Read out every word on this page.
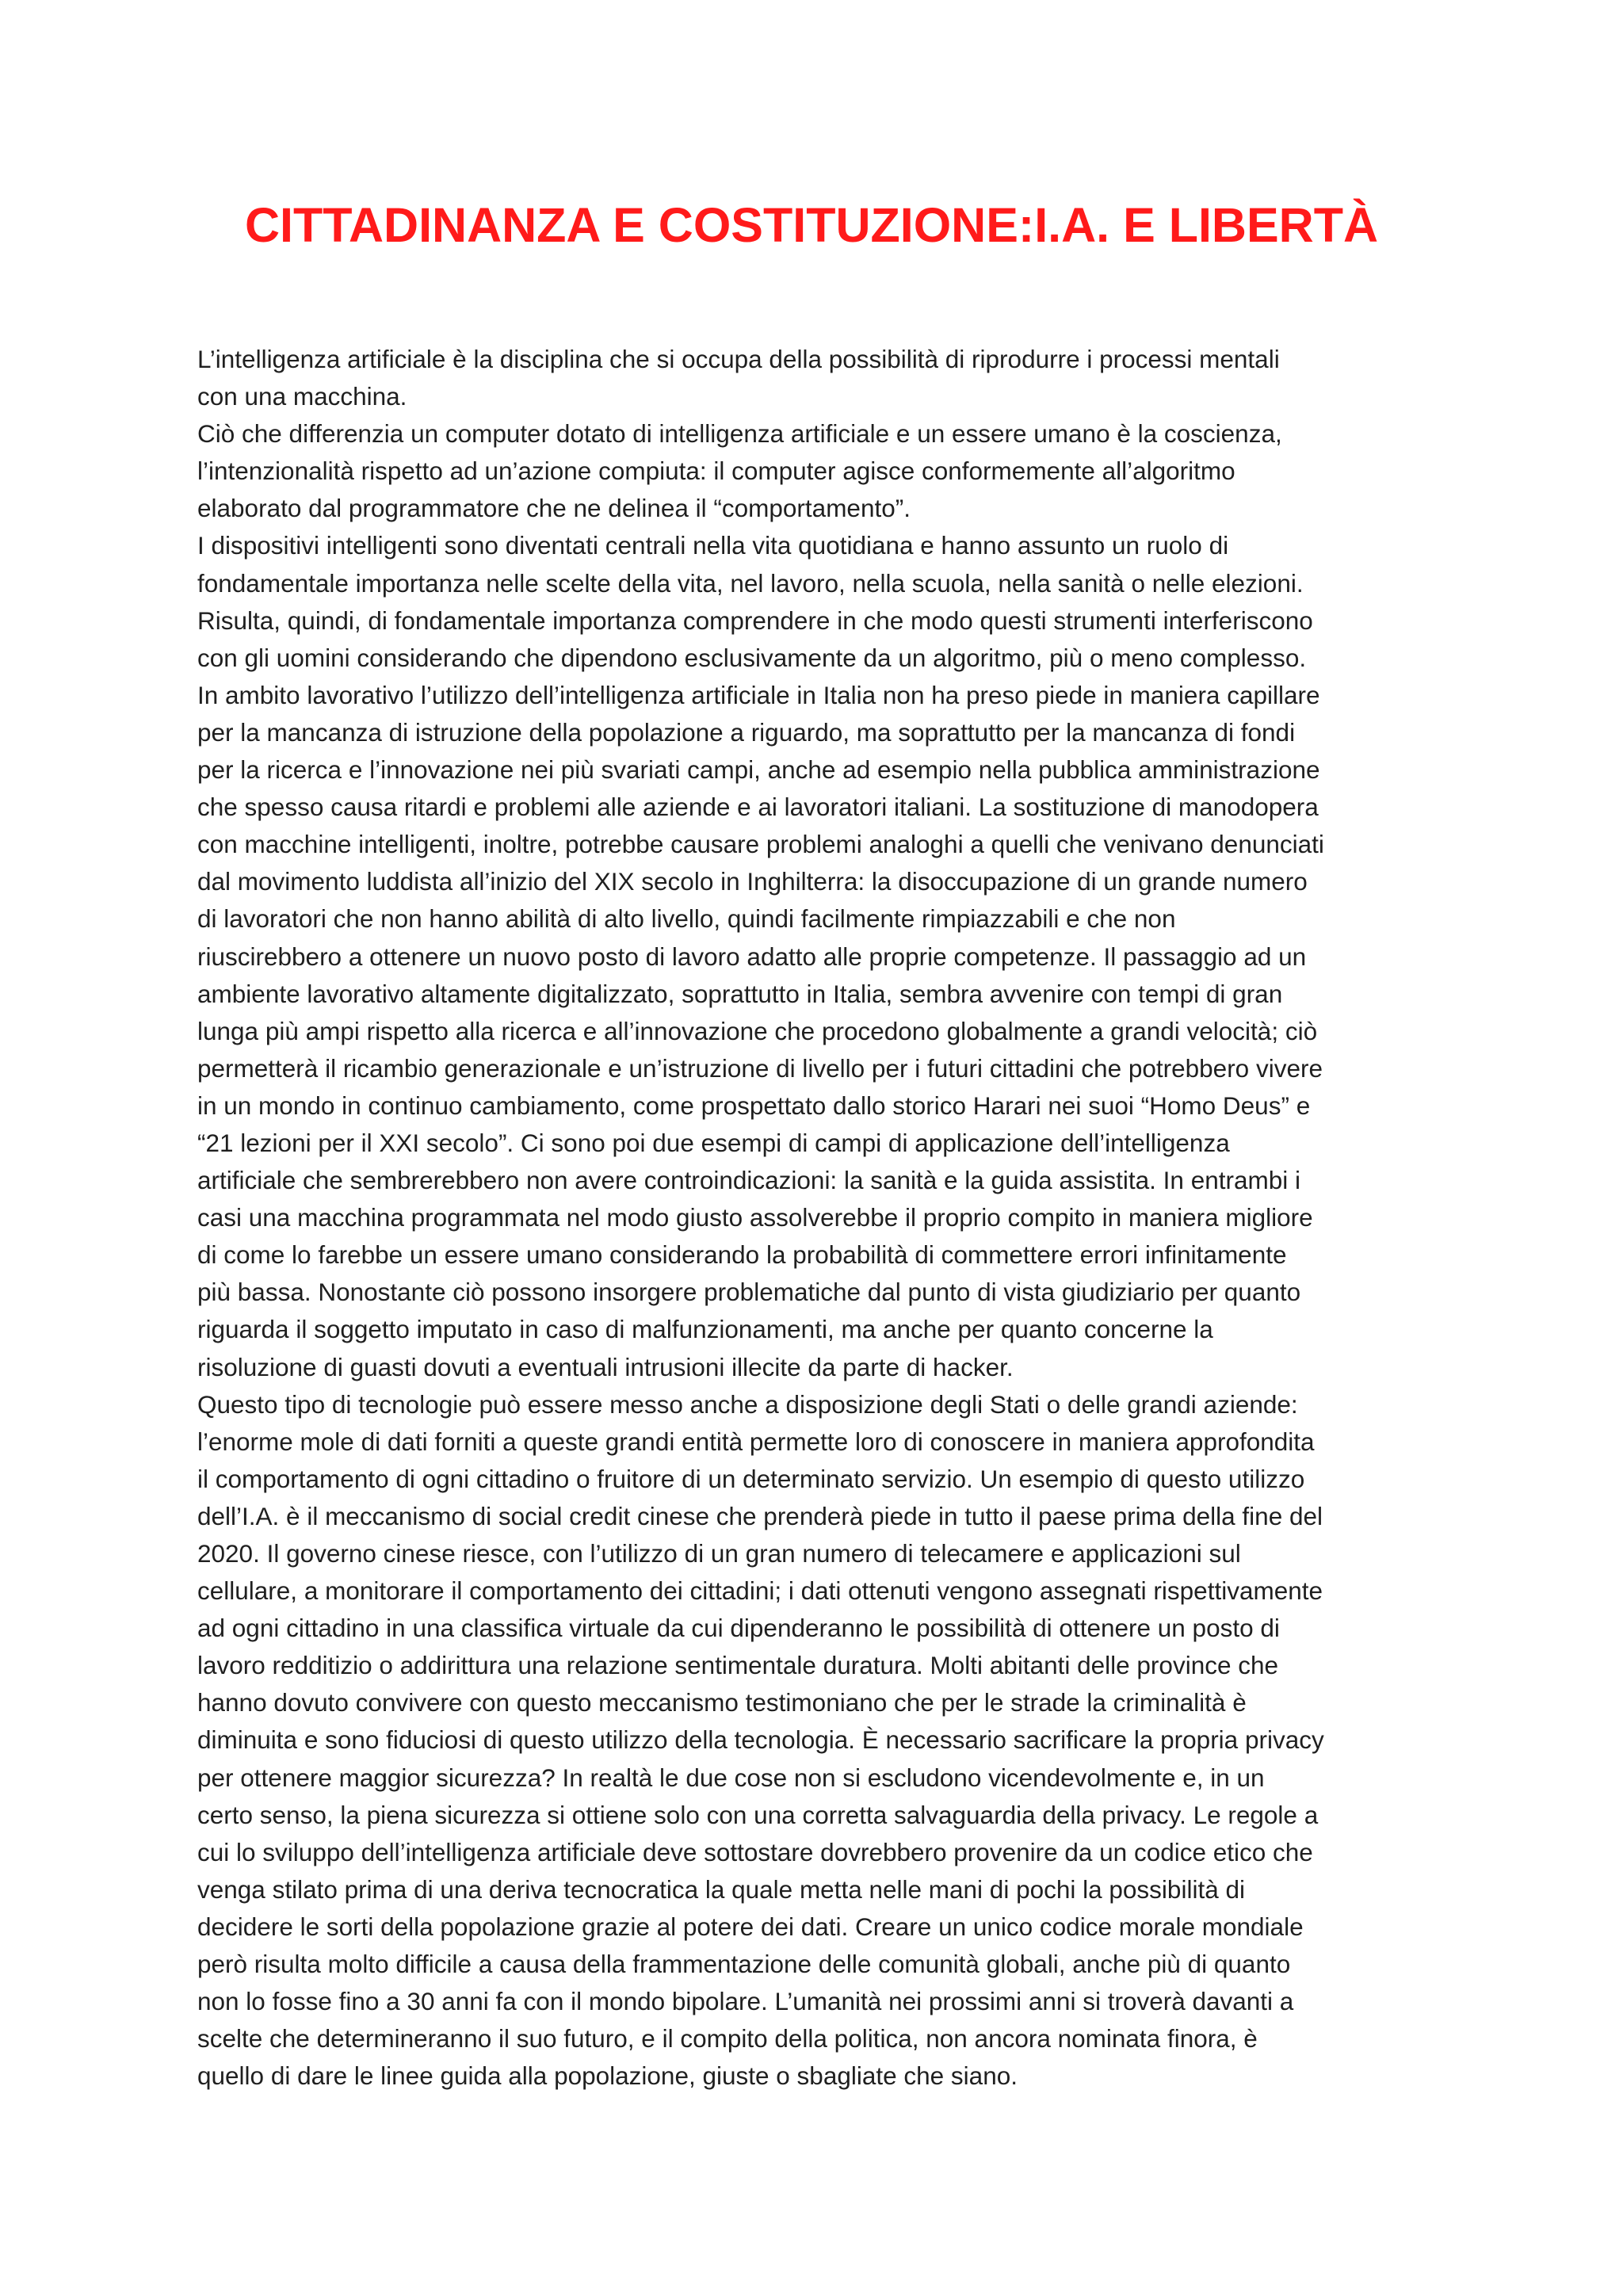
CITTADINANZA E COSTITUZIONE:I.A. E LIBERTÀ
L’intelligenza artificiale è la disciplina che si occupa della possibilità di riprodurre i processi mentali
con una macchina.
Ciò che differenzia un computer dotato di intelligenza artificiale e un essere umano è la coscienza,
l’intenzionalità rispetto ad un’azione compiuta: il computer agisce conformemente all’algoritmo
elaborato dal programmatore che ne delinea il “comportamento”.
I dispositivi intelligenti sono diventati centrali nella vita quotidiana e hanno assunto un ruolo di
fondamentale importanza nelle scelte della vita, nel lavoro, nella scuola, nella sanità o nelle elezioni.
Risulta, quindi, di fondamentale importanza comprendere in che modo questi strumenti interferiscono
con gli uomini considerando che dipendono esclusivamente da un algoritmo, più o meno complesso.
In ambito lavorativo l’utilizzo dell’intelligenza artificiale in Italia non ha preso piede in maniera capillare
per la mancanza di istruzione della popolazione a riguardo, ma soprattutto per la mancanza di fondi
per la ricerca e l’innovazione nei più svariati campi, anche ad esempio nella pubblica amministrazione
che spesso causa ritardi e problemi alle aziende e ai lavoratori italiani. La sostituzione di manodopera
con macchine intelligenti, inoltre, potrebbe causare problemi analoghi a quelli che venivano denunciati
dal movimento luddista all’inizio del XIX secolo in Inghilterra: la disoccupazione di un grande numero
di lavoratori che non hanno abilità di alto livello, quindi facilmente rimpiazzabili e che non
riuscirebbero a ottenere un nuovo posto di lavoro adatto alle proprie competenze. Il passaggio ad un
ambiente lavorativo altamente digitalizzato, soprattutto in Italia, sembra avvenire con tempi di gran
lunga più ampi rispetto alla ricerca e all’innovazione che procedono globalmente a grandi velocità; ciò
permetterà il ricambio generazionale e un’istruzione di livello per i futuri cittadini che potrebbero vivere
in un mondo in continuo cambiamento, come prospettato dallo storico Harari nei suoi “Homo Deus” e
“21 lezioni per il XXI secolo”. Ci sono poi due esempi di campi di applicazione dell’intelligenza
artificiale che sembrerebbero non avere controindicazioni: la sanità e la guida assistita. In entrambi i
casi una macchina programmata nel modo giusto assolverebbe il proprio compito in maniera migliore
di come lo farebbe un essere umano considerando la probabilità di commettere errori infinitamente
più bassa. Nonostante ciò possono insorgere problematiche dal punto di vista giudiziario per quanto
riguarda il soggetto imputato in caso di malfunzionamenti, ma anche per quanto concerne la
risoluzione di guasti dovuti a eventuali intrusioni illecite da parte di hacker.
Questo tipo di tecnologie può essere messo anche a disposizione degli Stati o delle grandi aziende:
l’enorme mole di dati forniti a queste grandi entità permette loro di conoscere in maniera approfondita
il comportamento di ogni cittadino o fruitore di un determinato servizio. Un esempio di questo utilizzo
dell’I.A. è il meccanismo di social credit cinese che prenderà piede in tutto il paese prima della fine del
2020. Il governo cinese riesce, con l’utilizzo di un gran numero di telecamere e applicazioni sul
cellulare, a monitorare il comportamento dei cittadini; i dati ottenuti vengono assegnati rispettivamente
ad ogni cittadino in una classifica virtuale da cui dipenderanno le possibilità di ottenere un posto di
lavoro redditizio o addirittura una relazione sentimentale duratura. Molti abitanti delle province che
hanno dovuto convivere con questo meccanismo testimoniano che per le strade la criminalità è
diminuita e sono fiduciosi di questo utilizzo della tecnologia. È necessario sacrificare la propria privacy
per ottenere maggior sicurezza? In realtà le due cose non si escludono vicendevolmente e, in un
certo senso, la piena sicurezza si ottiene solo con una corretta salvaguardia della privacy. Le regole a
cui lo sviluppo dell’intelligenza artificiale deve sottostare dovrebbero provenire da un codice etico che
venga stilato prima di una deriva tecnocratica la quale metta nelle mani di pochi la possibilità di
decidere le sorti della popolazione grazie al potere dei dati. Creare un unico codice morale mondiale
però risulta molto difficile a causa della frammentazione delle comunità globali, anche più di quanto
non lo fosse fino a 30 anni fa con il mondo bipolare. L’umanità nei prossimi anni si troverà davanti a
scelte che determineranno il suo futuro, e il compito della politica, non ancora nominata finora, è
quello di dare le linee guida alla popolazione, giuste o sbagliate che siano.
